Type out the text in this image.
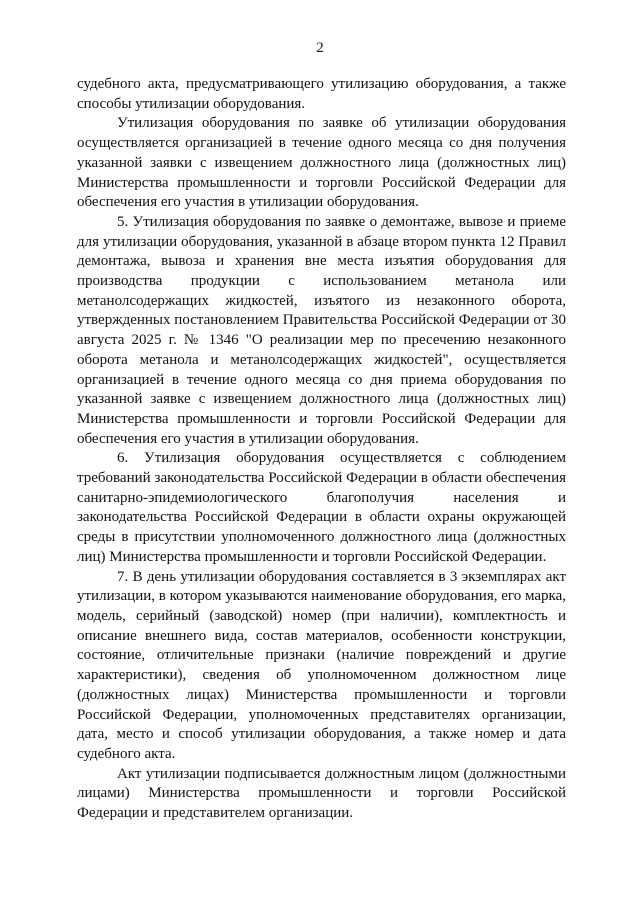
2

судебного акта, предусматривающего утилизацию оборудования, а также способы утилизации оборудования.

Утилизация оборудования по заявке об утилизации оборудования осуществляется организацией в течение одного месяца со дня получения указанной заявки с извещением должностного лица (должностных лиц) Министерства промышленности и торговли Российской Федерации для обеспечения его участия в утилизации оборудования.

5. Утилизация оборудования по заявке о демонтаже, вывозе и приеме для утилизации оборудования, указанной в абзаце втором пункта 12 Правил демонтажа, вывоза и хранения вне места изъятия оборудования для производства продукции с использованием метанола или метанолсодержащих жидкостей, изъятого из незаконного оборота, утвержденных постановлением Правительства Российской Федерации от 30 августа 2025 г. № 1346 "О реализации мер по пресечению незаконного оборота метанола и метанолсодержащих жидкостей", осуществляется организацией в течение одного месяца со дня приема оборудования по указанной заявке с извещением должностного лица (должностных лиц) Министерства промышленности и торговли Российской Федерации для обеспечения его участия в утилизации оборудования.

6. Утилизация оборудования осуществляется с соблюдением требований законодательства Российской Федерации в области обеспечения санитарно-эпидемиологического благополучия населения и законодательства Российской Федерации в области охраны окружающей среды в присутствии уполномоченного должностного лица (должностных лиц) Министерства промышленности и торговли Российской Федерации.

7. В день утилизации оборудования составляется в 3 экземплярах акт утилизации, в котором указываются наименование оборудования, его марка, модель, серийный (заводской) номер (при наличии), комплектность и описание внешнего вида, состав материалов, особенности конструкции, состояние, отличительные признаки (наличие повреждений и другие характеристики), сведения об уполномоченном должностном лице (должностных лицах) Министерства промышленности и торговли Российской Федерации, уполномоченных представителях организации, дата, место и способ утилизации оборудования, а также номер и дата судебного акта.

Акт утилизации подписывается должностным лицом (должностными лицами) Министерства промышленности и торговли Российской Федерации и представителем организации.
